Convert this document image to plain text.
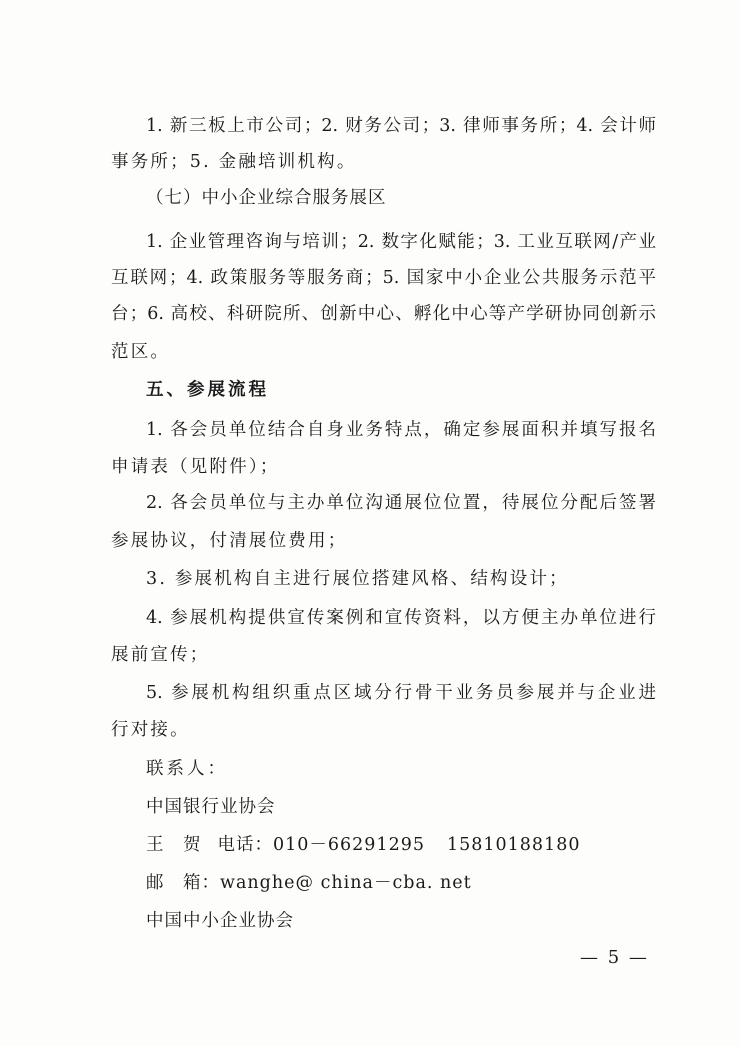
1. 新三板上市公司；2. 财务公司；3. 律师事务所；4. 会计师
事务所；5. 金融培训机构。
（七）中小企业综合服务展区
1. 企业管理咨询与培训；2. 数字化赋能；3. 工业互联网/产业
互联网；4. 政策服务等服务商；5. 国家中小企业公共服务示范平
台；6. 高校、科研院所、创新中心、孵化中心等产学研协同创新示
范区。
五、参展流程
1. 各会员单位结合自身业务特点，确定参展面积并填写报名
申请表（见附件）；
2. 各会员单位与主办单位沟通展位位置，待展位分配后签署
参展协议，付清展位费用；
3. 参展机构自主进行展位搭建风格、结构设计；
4. 参展机构提供宣传案例和宣传资料，以方便主办单位进行
展前宣传；
5. 参展机构组织重点区域分行骨干业务员参展并与企业进
行对接。
联系人：
中国银行业协会
王　贺 电话：010－66291295 15810188180
邮　箱：wanghe@ china－cba. net
中国中小企业协会
— 5 —
